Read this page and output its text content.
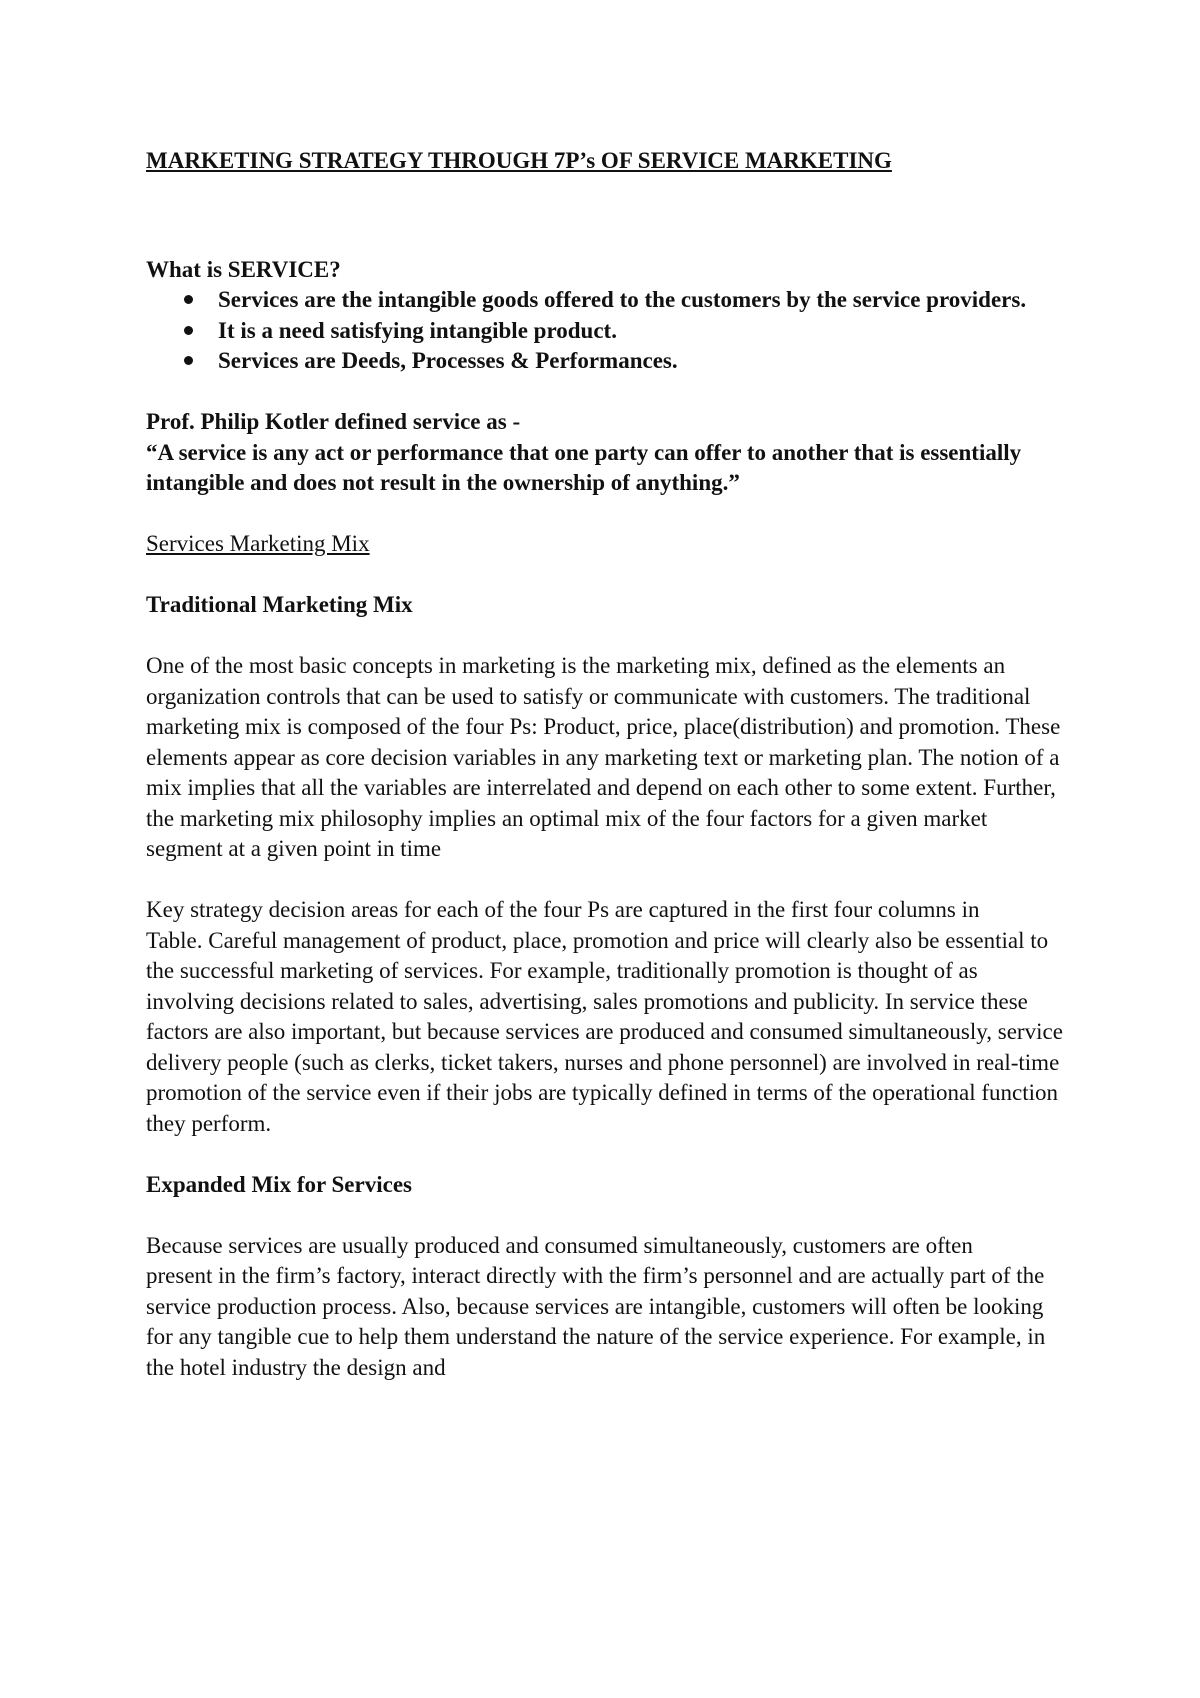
MARKETING STRATEGY THROUGH 7P’s OF SERVICE MARKETING

What is SERVICE?

Services are the intangible goods offered to the customers by the service providers.
It is a need satisfying intangible product.
Services are Deeds, Processes & Performances.

Prof. Philip Kotler defined service as -

“A service is any act or performance that one party can offer to another that is essentially intangible and does not result in the ownership of anything.”

Services Marketing Mix

Traditional Marketing Mix

One of the most basic concepts in marketing is the marketing mix, defined as the elements an
organization controls that can be used to satisfy or communicate with customers. The traditional marketing mix is composed of the four Ps: Product, price, place(distribution) and promotion. These elements appear as core decision variables in any marketing text or marketing plan. The notion of a mix implies that all the variables are interrelated and depend on each other to some extent. Further, the marketing mix philosophy implies an optimal mix of the four factors for a given market segment at a given point in time
Key strategy decision areas for each of the four Ps are captured in the first four columns in
Table. Careful management of product, place, promotion and price will clearly also be essential to the successful marketing of services. For example, traditionally promotion is thought of as involving decisions related to sales, advertising, sales promotions and publicity. In service these factors are also important, but because services are produced and consumed simultaneously, service delivery people (such as clerks, ticket takers, nurses and phone personnel) are involved in real-time promotion of the service even if their jobs are typically defined in terms of the operational function they perform.

Expanded Mix for Services

Because services are usually produced and consumed simultaneously, customers are often
present in the firm’s factory, interact directly with the firm’s personnel and are actually part of the service production process. Also, because services are intangible, customers will often be looking for any tangible cue to help them understand the nature of the service experience. For example, in the hotel industry the design and
